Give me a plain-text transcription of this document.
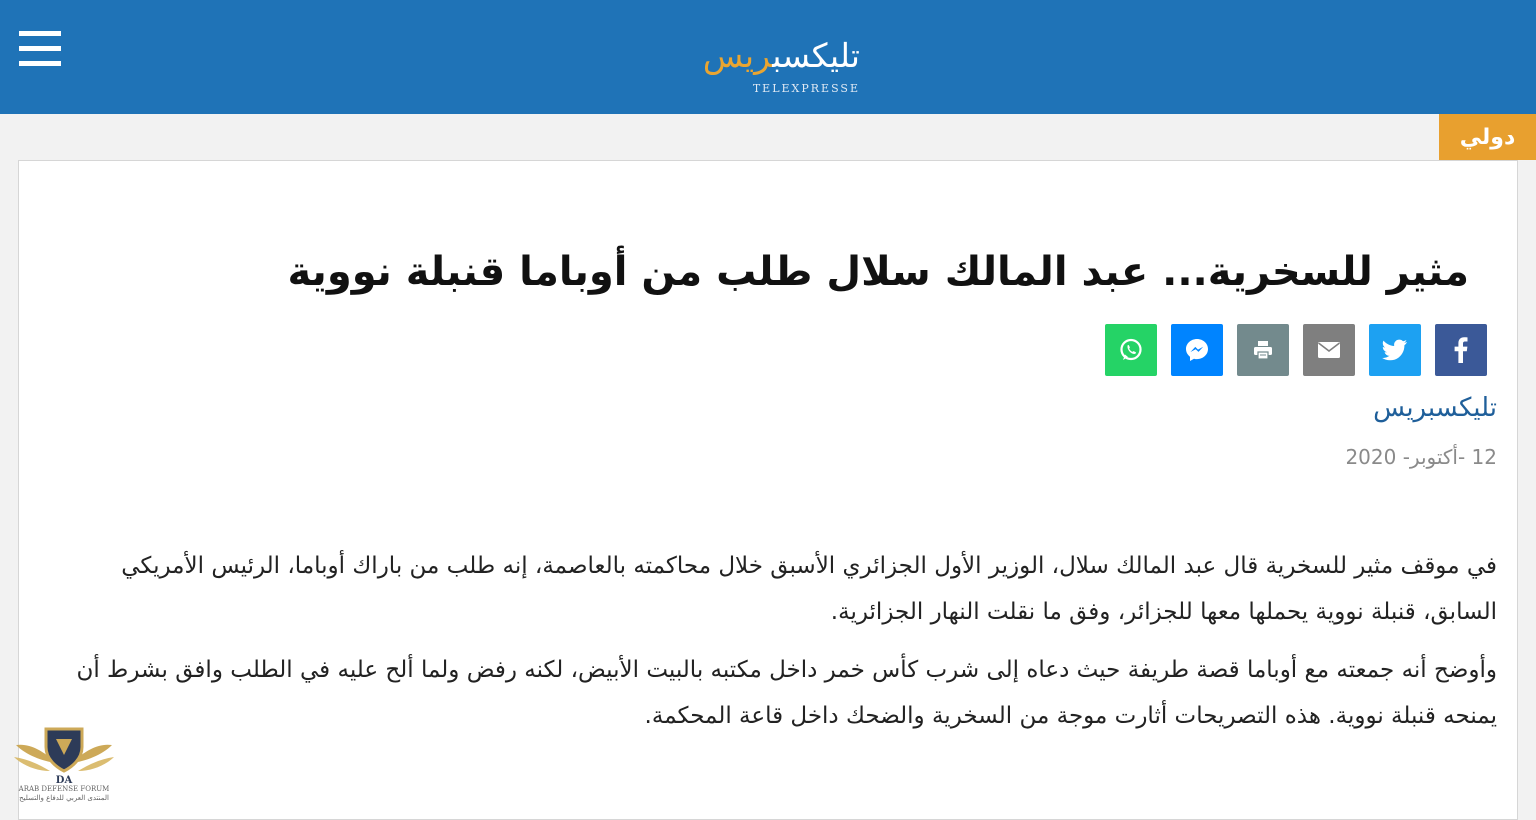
تليكسبريس
TELEXPRESSE
دولي
مثير للسخرية... عبد المالك سلال طلب من أوباما قنبلة نووية
تليكسبريس
12 -أكتوبر- 2020

في موقف مثير للسخرية قال عبد المالك سلال، الوزير الأول الجزائري الأسبق خلال محاكمته بالعاصمة، إنه طلب من باراك أوباما، الرئيس الأمريكي السابق، قنبلة نووية يحملها معها للجزائر، وفق ما نقلت النهار الجزائرية.

وأوضح أنه جمعته مع أوباما قصة طريفة حيث دعاه إلى شرب كأس خمر داخل مكتبه بالبيت الأبيض، لكنه رفض ولما ألح عليه في الطلب وافق بشرط أن يمنحه قنبلة نووية. هذه التصريحات أثارت موجة من السخرية والضحك داخل قاعة المحكمة.

DA
ARAB DEFENSE FORUM
المنتدى العربي للدفاع والتسليح
